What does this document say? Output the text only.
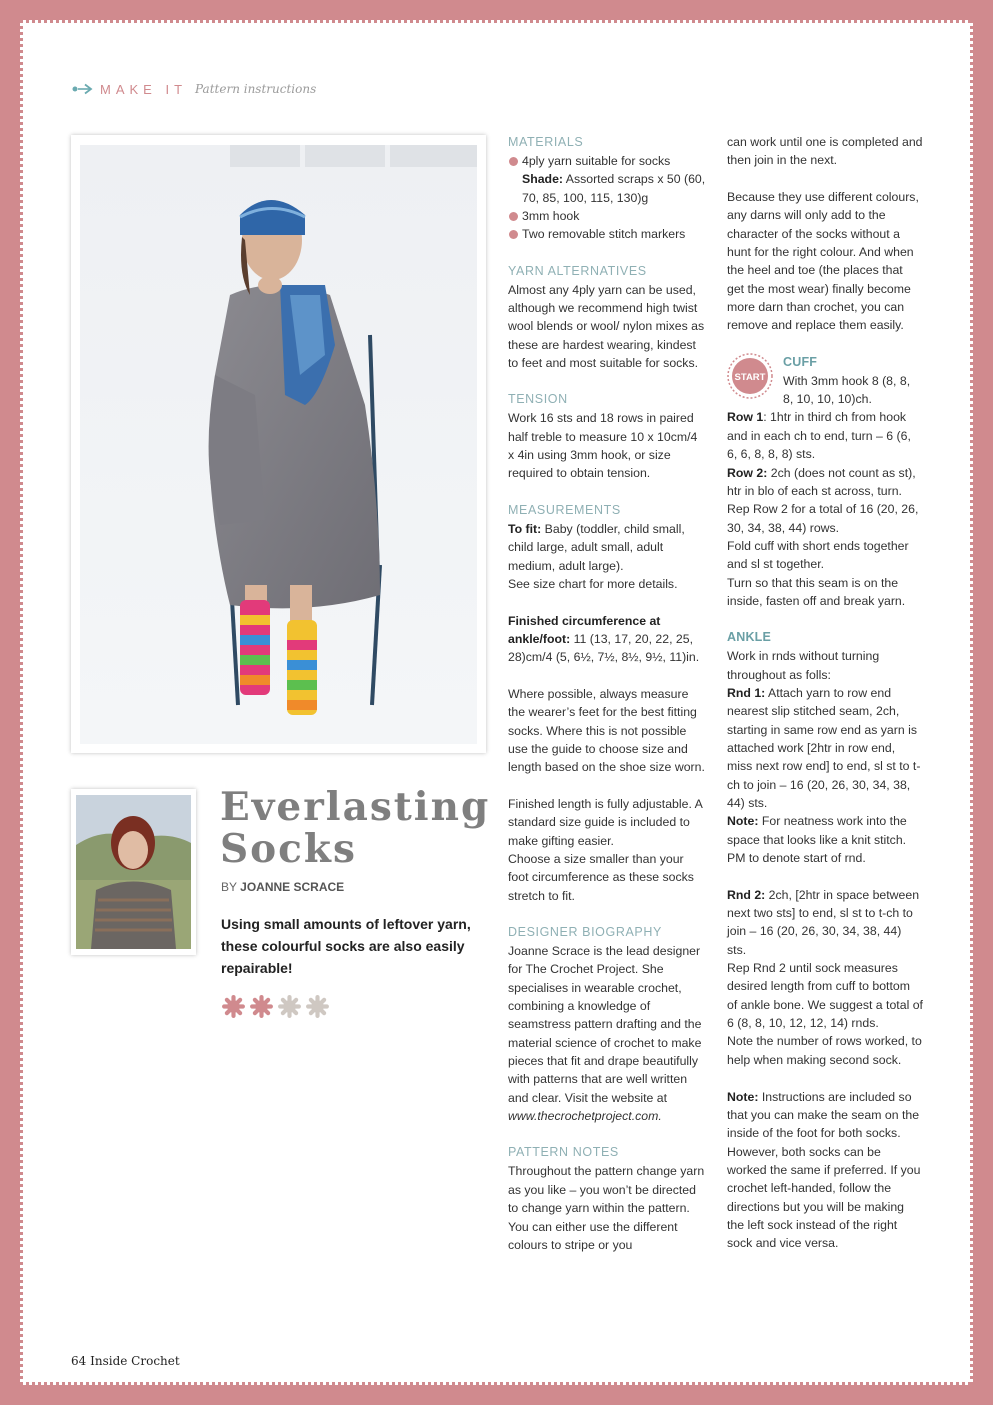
MAKE IT Pattern instructions
Everlasting
Socks
BY JOANNE SCRACE
Using small amounts of leftover yarn, these colourful socks are also easily repairable!
MATERIALS
4ply yarn suitable for socks
Shade: Assorted scraps x 50 (60, 70, 85, 100, 115, 130)g
3mm hook
Two removable stitch markers
YARN ALTERNATIVES
Almost any 4ply yarn can be used, although we recommend high twist wool blends or wool/ nylon mixes as these are hardest wearing, kindest to feet and most suitable for socks.
TENSION
Work 16 sts and 18 rows in paired half treble to measure 10 x 10cm/4 x 4in using 3mm hook, or size required to obtain tension.
MEASUREMENTS
To fit: Baby (toddler, child small, child large, adult small, adult medium, adult large).
See size chart for more details.
Finished circumference at ankle/foot: 11 (13, 17, 20, 22, 25, 28)cm/4 (5, 6½, 7½, 8½, 9½, 11)in.
Where possible, always measure the wearer’s feet for the best fitting socks. Where this is not possible use the guide to choose size and length based on the shoe size worn.
Finished length is fully adjustable. A standard size guide is included to make gifting easier.
Choose a size smaller than your foot circumference as these socks stretch to fit.
DESIGNER BIOGRAPHY
Joanne Scrace is the lead designer for The Crochet Project. She specialises in wearable crochet, combining a knowledge of seamstress pattern drafting and the material science of crochet to make pieces that fit and drape beautifully with patterns that are well written and clear. Visit the website at www.thecrochetproject.com.
PATTERN NOTES
Throughout the pattern change yarn as you like – you won’t be directed to change yarn within the pattern. You can either use the different colours to stripe or you
can work until one is completed and then join in the next.
Because they use different colours, any darns will only add to the character of the socks without a hunt for the right colour. And when the heel and toe (the places that get the most wear) finally become more darn than crochet, you can remove and replace them easily.
START
CUFF
With 3mm hook 8 (8, 8, 8, 10, 10, 10)ch.
Row 1: 1htr in third ch from hook and in each ch to end, turn – 6 (6, 6, 6, 8, 8, 8) sts.
Row 2: 2ch (does not count as st), htr in blo of each st across, turn.
Rep Row 2 for a total of 16 (20, 26, 30, 34, 38, 44) rows.
Fold cuff with short ends together and sl st together.
Turn so that this seam is on the inside, fasten off and break yarn.
ANKLE
Work in rnds without turning throughout as folls:
Rnd 1: Attach yarn to row end nearest slip stitched seam, 2ch, starting in same row end as yarn is attached work [2htr in row end, miss next row end] to end, sl st to t-ch to join – 16 (20, 26, 30, 34, 38, 44) sts.
Note: For neatness work into the space that looks like a knit stitch. PM to denote start of rnd.
Rnd 2: 2ch, [2htr in space between next two sts] to end, sl st to t-ch to join – 16 (20, 26, 30, 34, 38, 44) sts.
Rep Rnd 2 until sock measures desired length from cuff to bottom of ankle bone. We suggest a total of 6 (8, 8, 10, 12, 12, 14) rnds.
Note the number of rows worked, to help when making second sock.
Note: Instructions are included so that you can make the seam on the inside of the foot for both socks. However, both socks can be worked the same if preferred. If you crochet left-handed, follow the directions but you will be making the left sock instead of the right sock and vice versa.
64 Inside Crochet
